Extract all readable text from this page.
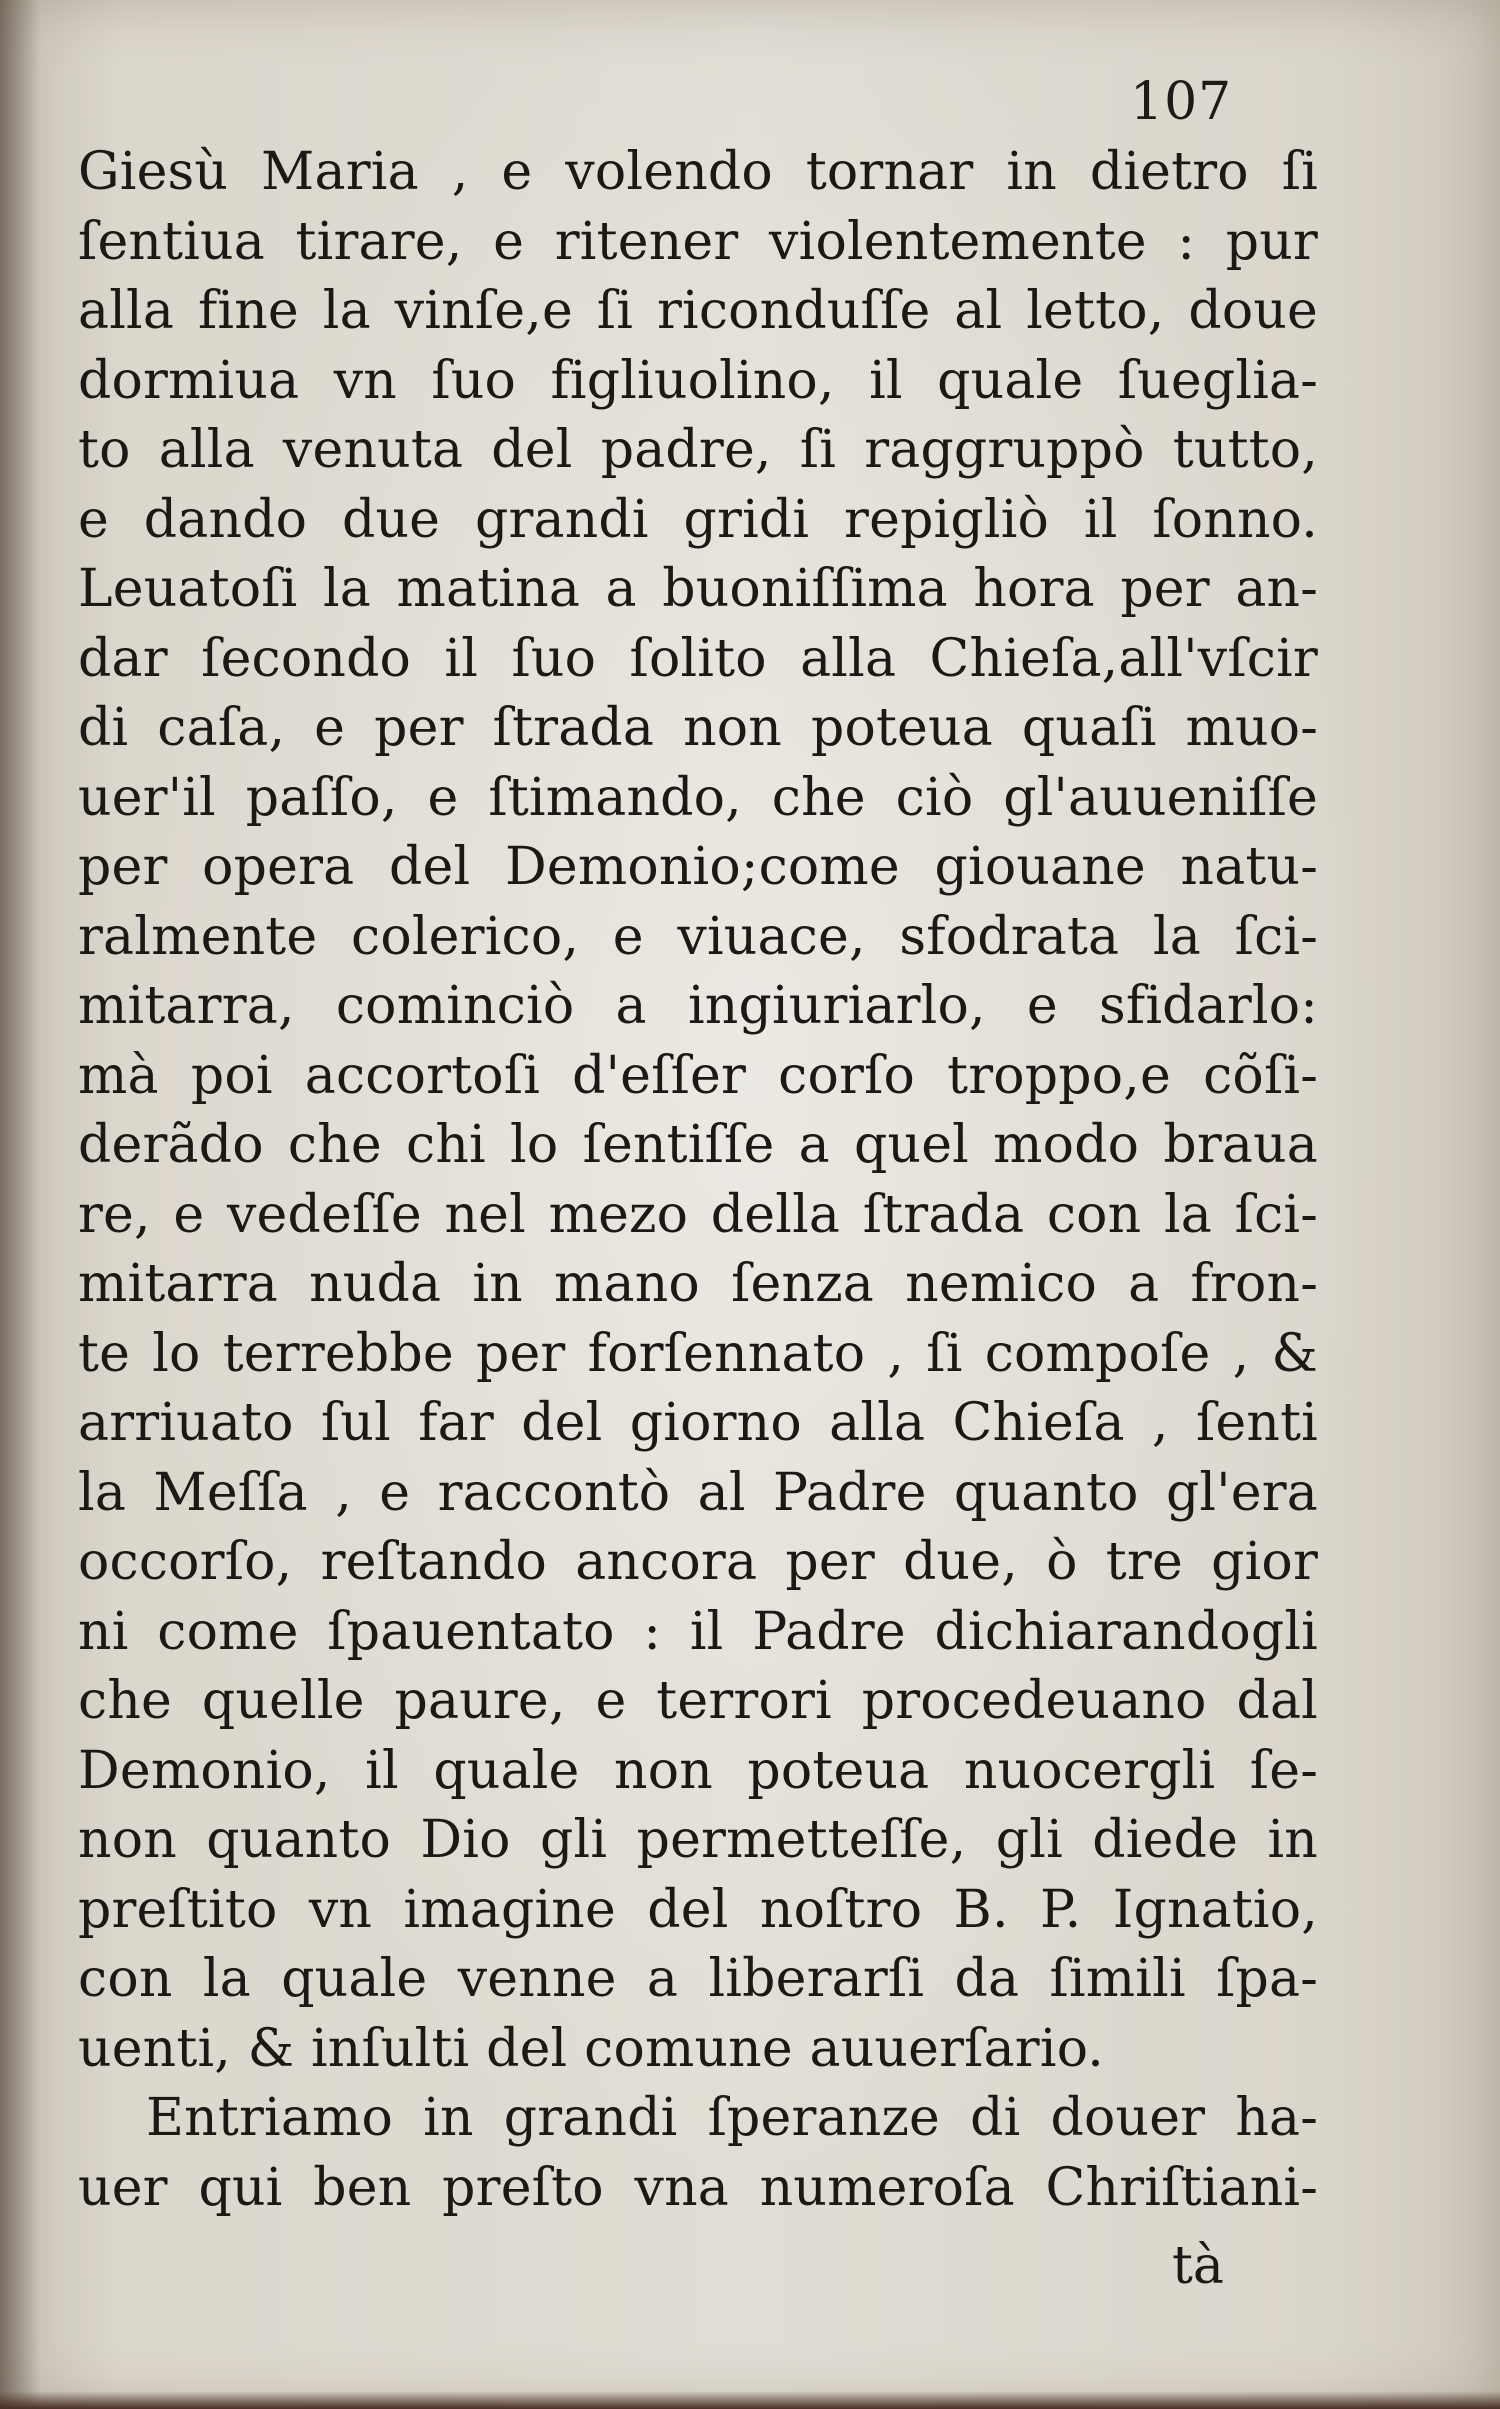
107
Giesù Maria , e volendo tornar in dietro ſi
ſentiua tirare, e ritener violentemente : pur
alla fine la vinſe,e ſi riconduſſe al letto, doue
dormiua vn ſuo figliuolino, il quale ſueglia-
to alla venuta del padre, ſi raggruppò tutto,
e dando due grandi gridi repigliò il ſonno.
Leuatoſi la matina a buoniſſima hora per an-
dar ſecondo il ſuo ſolito alla Chieſa,all'vſcir
di caſa, e per ſtrada non poteua quaſi muo-
uer'il paſſo, e ſtimando, che ciò gl'auueniſſe
per opera del Demonio;come giouane natu-
ralmente colerico, e viuace, sfodrata la ſci-
mitarra, cominciò a ingiuriarlo, e sfidarlo:
mà poi accortoſi d'eſſer corſo troppo,e cõſi-
derãdo che chi lo ſentiſſe a quel modo braua
re, e vedeſſe nel mezo della ſtrada con la ſci-
mitarra nuda in mano ſenza nemico a fron-
te lo terrebbe per forſennato , ſi compoſe , &
arriuato ſul far del giorno alla Chieſa , ſenti
la Meſſa , e raccontò al Padre quanto gl'era
occorſo, reſtando ancora per due, ò tre gior
ni come ſpauentato : il Padre dichiarandogli
che quelle paure, e terrori procedeuano dal
Demonio, il quale non poteua nuocergli ſe-
non quanto Dio gli permetteſſe, gli diede in
preſtito vn imagine del noſtro B. P. Ignatio,
con la quale venne a liberarſi da ſimili ſpa-
uenti, & inſulti del comune auuerſario.
Entriamo in grandi ſperanze di douer ha-
uer qui ben preſto vna numeroſa Chriſtiani-
tà
